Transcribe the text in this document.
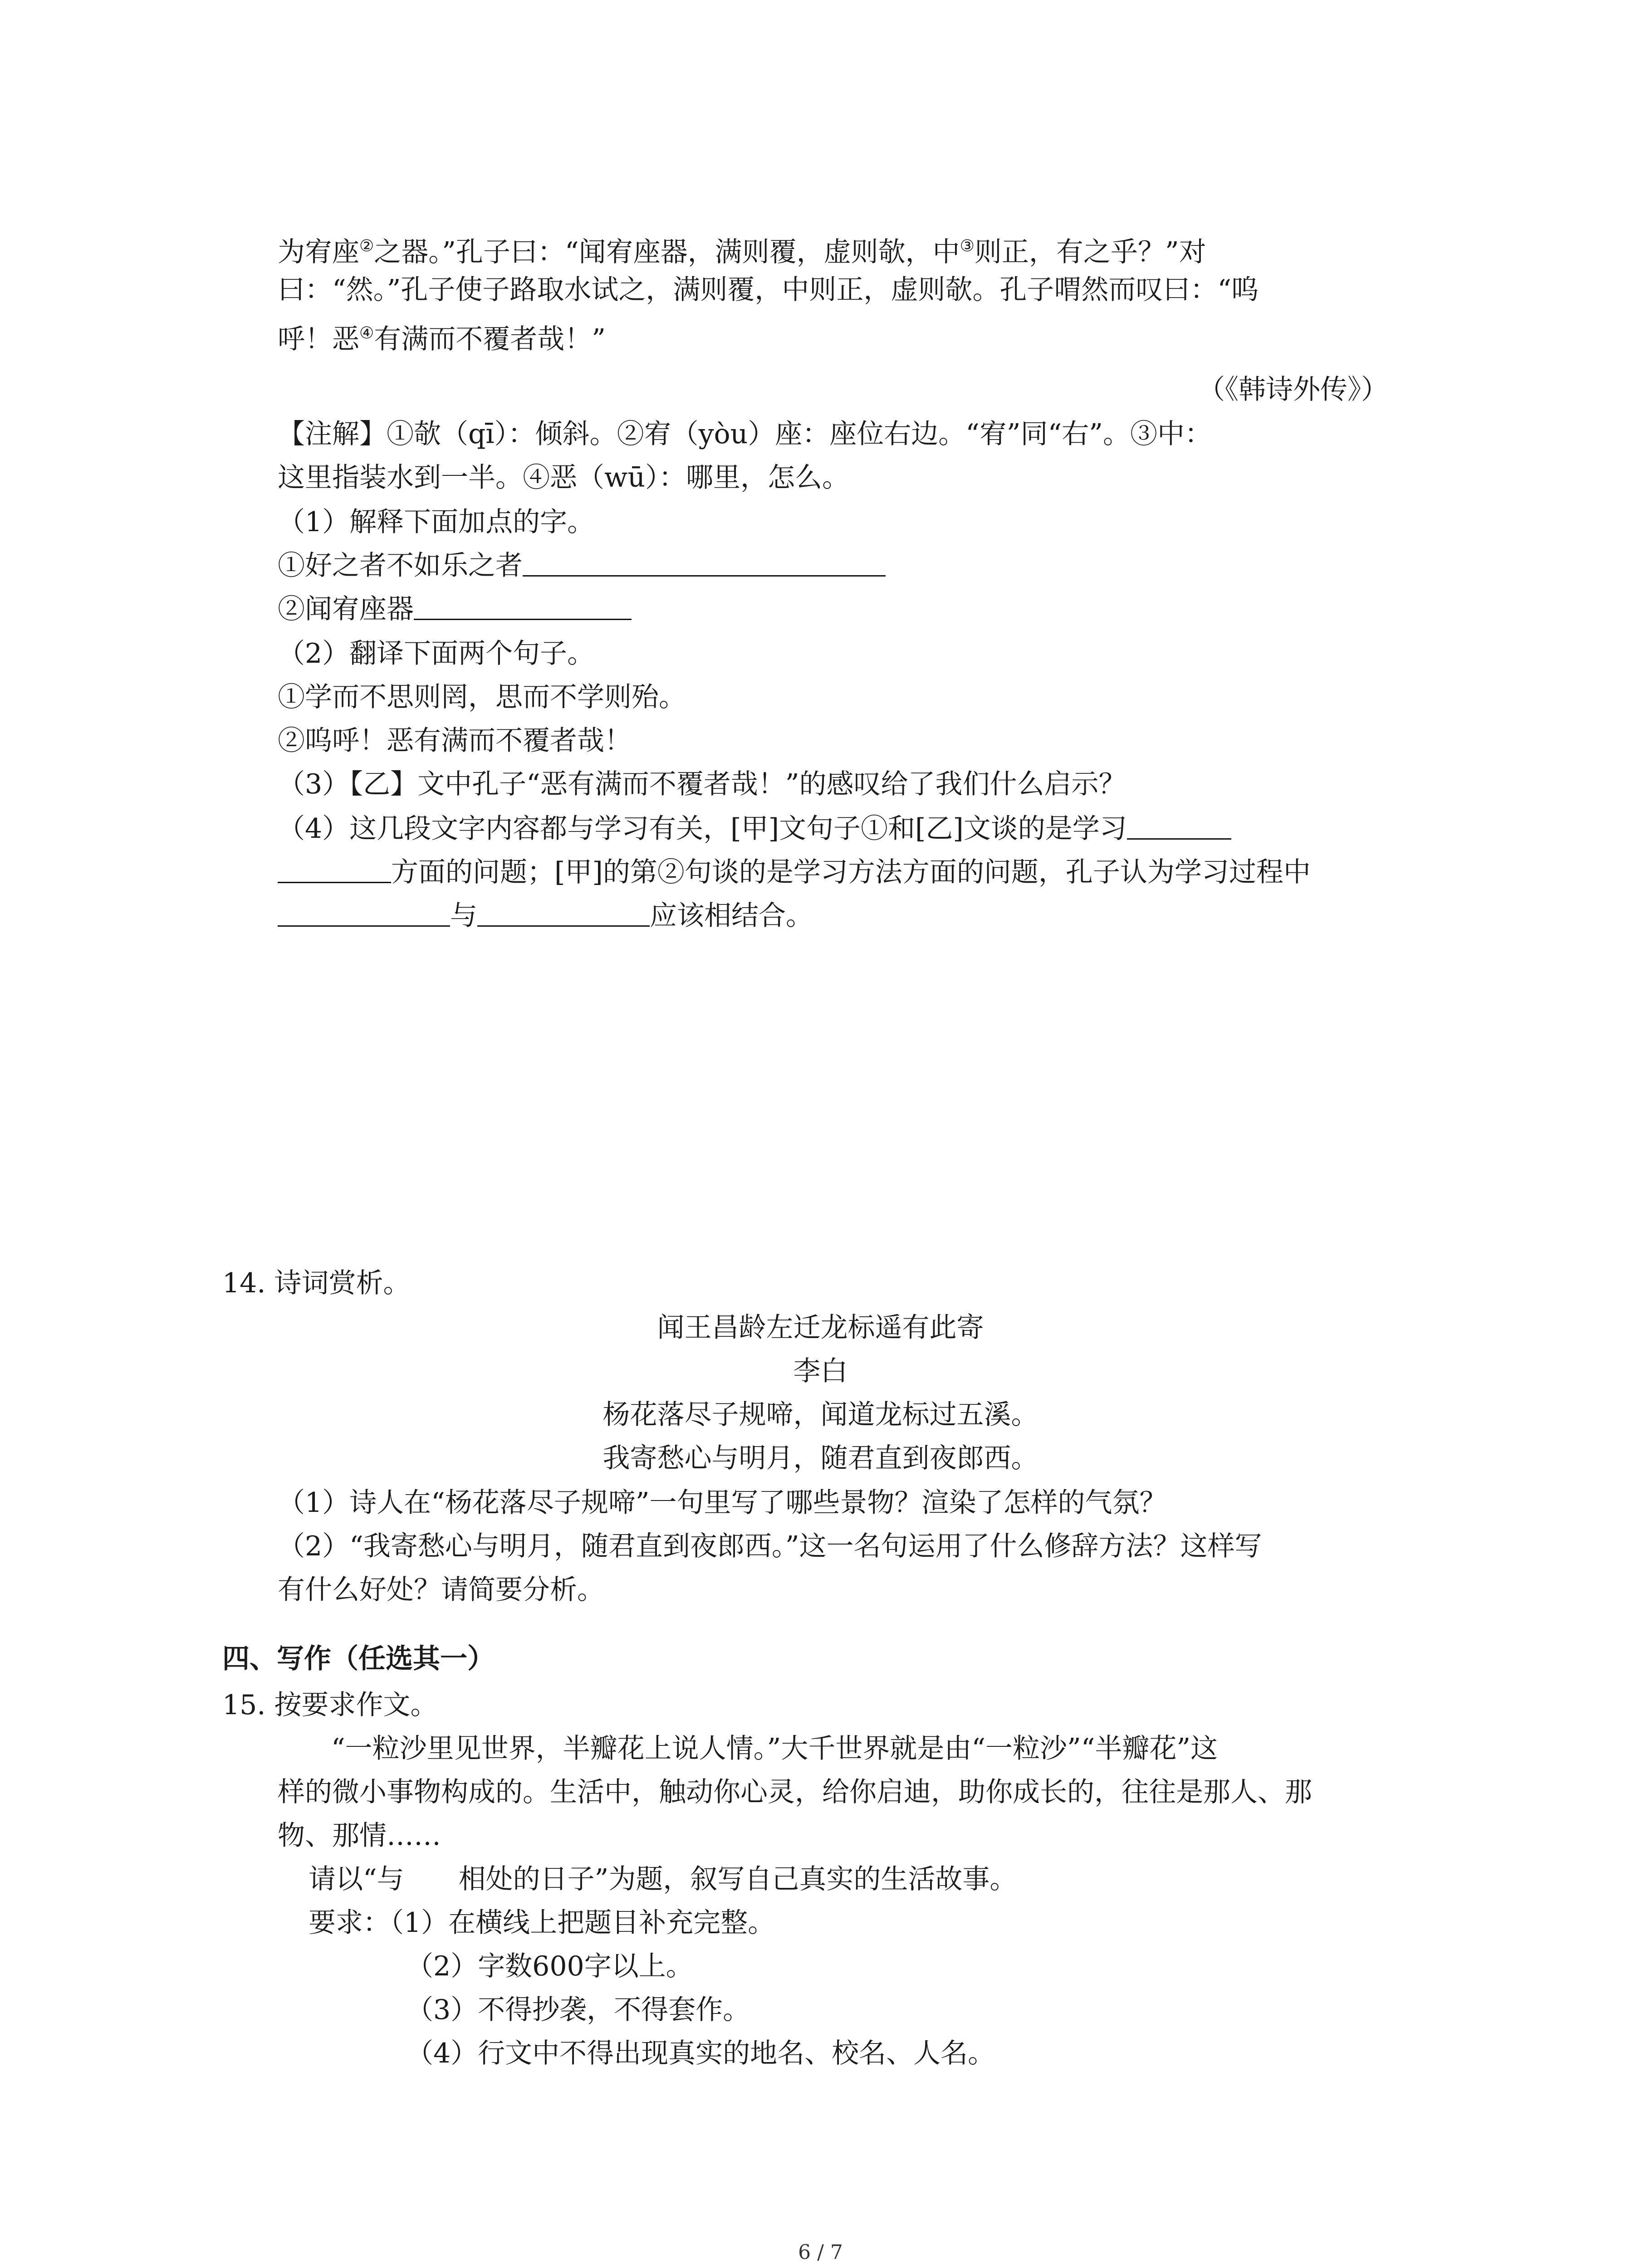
为宥座②之器。”孔子曰：“闻宥座器，满则覆，虚则欹，中③则正，有之乎？”对
曰：“然。”孔子使子路取水试之，满则覆，中则正，虚则欹。孔子喟然而叹曰：“呜
呼！恶④有满而不覆者哉！”
（《韩诗外传》）
【注解】①欹（qī）：倾斜。②宥（yòu）座：座位右边。“宥”同“右”。③中：
这里指装水到一半。④恶（wū）：哪里，怎么。
（1）解释下面加点的字。
①好之者不如乐之者
②闻宥座器
（2）翻译下面两个句子。
①学而不思则罔，思而不学则殆。
②呜呼！恶有满而不覆者哉！
（3）【乙】文中孔子“恶有满而不覆者哉！”的感叹给了我们什么启示？
（4）这几段文字内容都与学习有关，[甲]文句子①和[乙]文谈的是学习
方面的问题；[甲]的第②句谈的是学习方法方面的问题，孔子认为学习过程中
与	应该相结合。
14. 诗词赏析。
闻王昌龄左迁龙标遥有此寄
李白
杨花落尽子规啼，闻道龙标过五溪。
我寄愁心与明月，随君直到夜郎西。
（1）诗人在“杨花落尽子规啼”一句里写了哪些景物？渲染了怎样的气氛？
（2）“我寄愁心与明月，随君直到夜郎西。”这一名句运用了什么修辞方法？这样写
有什么好处？请简要分析。
四、写作（任选其一）
15. 按要求作文。
“一粒沙里见世界，半瓣花上说人情。”大千世界就是由“一粒沙”“半瓣花”这
样的微小事物构成的。生活中，触动你心灵，给你启迪，助你成长的，往往是那人、那
物、那情……
请以“与　　相处的日子”为题，叙写自己真实的生活故事。
要求：（1）在横线上把题目补充完整。
（2）字数600字以上。
（3）不得抄袭，不得套作。
（4）行文中不得出现真实的地名、校名、人名。
6 / 7
